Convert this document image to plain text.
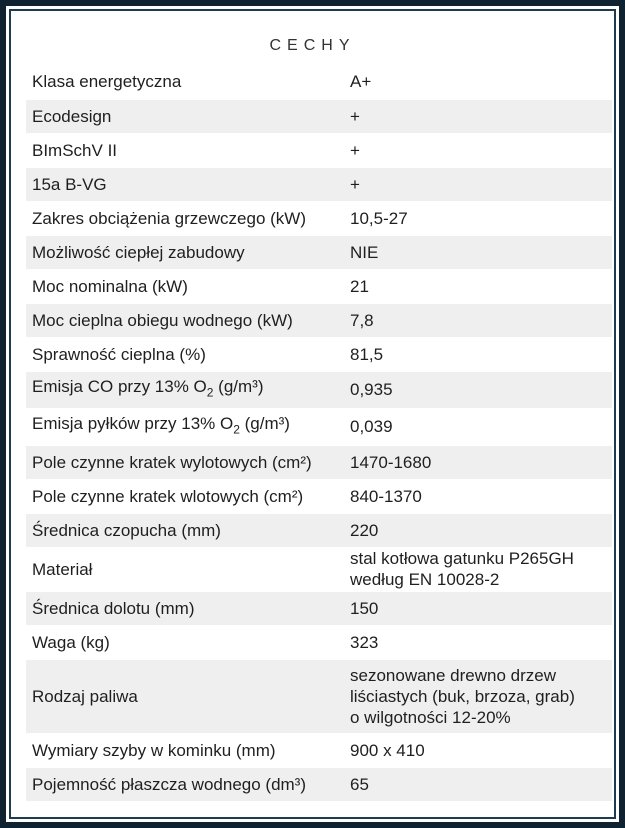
CECHY
Klasa energetyczna	A+
Ecodesign	+
BImSchV II	+
15a B-VG	+
Zakres obciążenia grzewczego (kW)	10,5-27
Możliwość ciepłej zabudowy	NIE
Moc nominalna (kW)	21
Moc cieplna obiegu wodnego (kW)	7,8
Sprawność cieplna (%)	81,5
Emisja CO przy 13% $O_2$ (g/m³)	0,935
Emisja pyłków przy 13% $O_2$ (g/m³)	0,039
Pole czynne kratek wylotowych (cm²)	1470-1680
Pole czynne kratek wlotowych (cm²)	840-1370
Średnica czopucha (mm)	220
Materiał	stal kotłowa gatunku P265GH
według EN 10028-2

Średnica dolotu (mm)	150
Waga (kg)	323
Rodzaj paliwa	sezonowane drewno drzew
liściastych (buk, brzoza, grab)
o wilgotności 12-20%

Wymiary szyby w kominku (mm)	900 x 410
Pojemność płaszcza wodnego (dm³)	65
